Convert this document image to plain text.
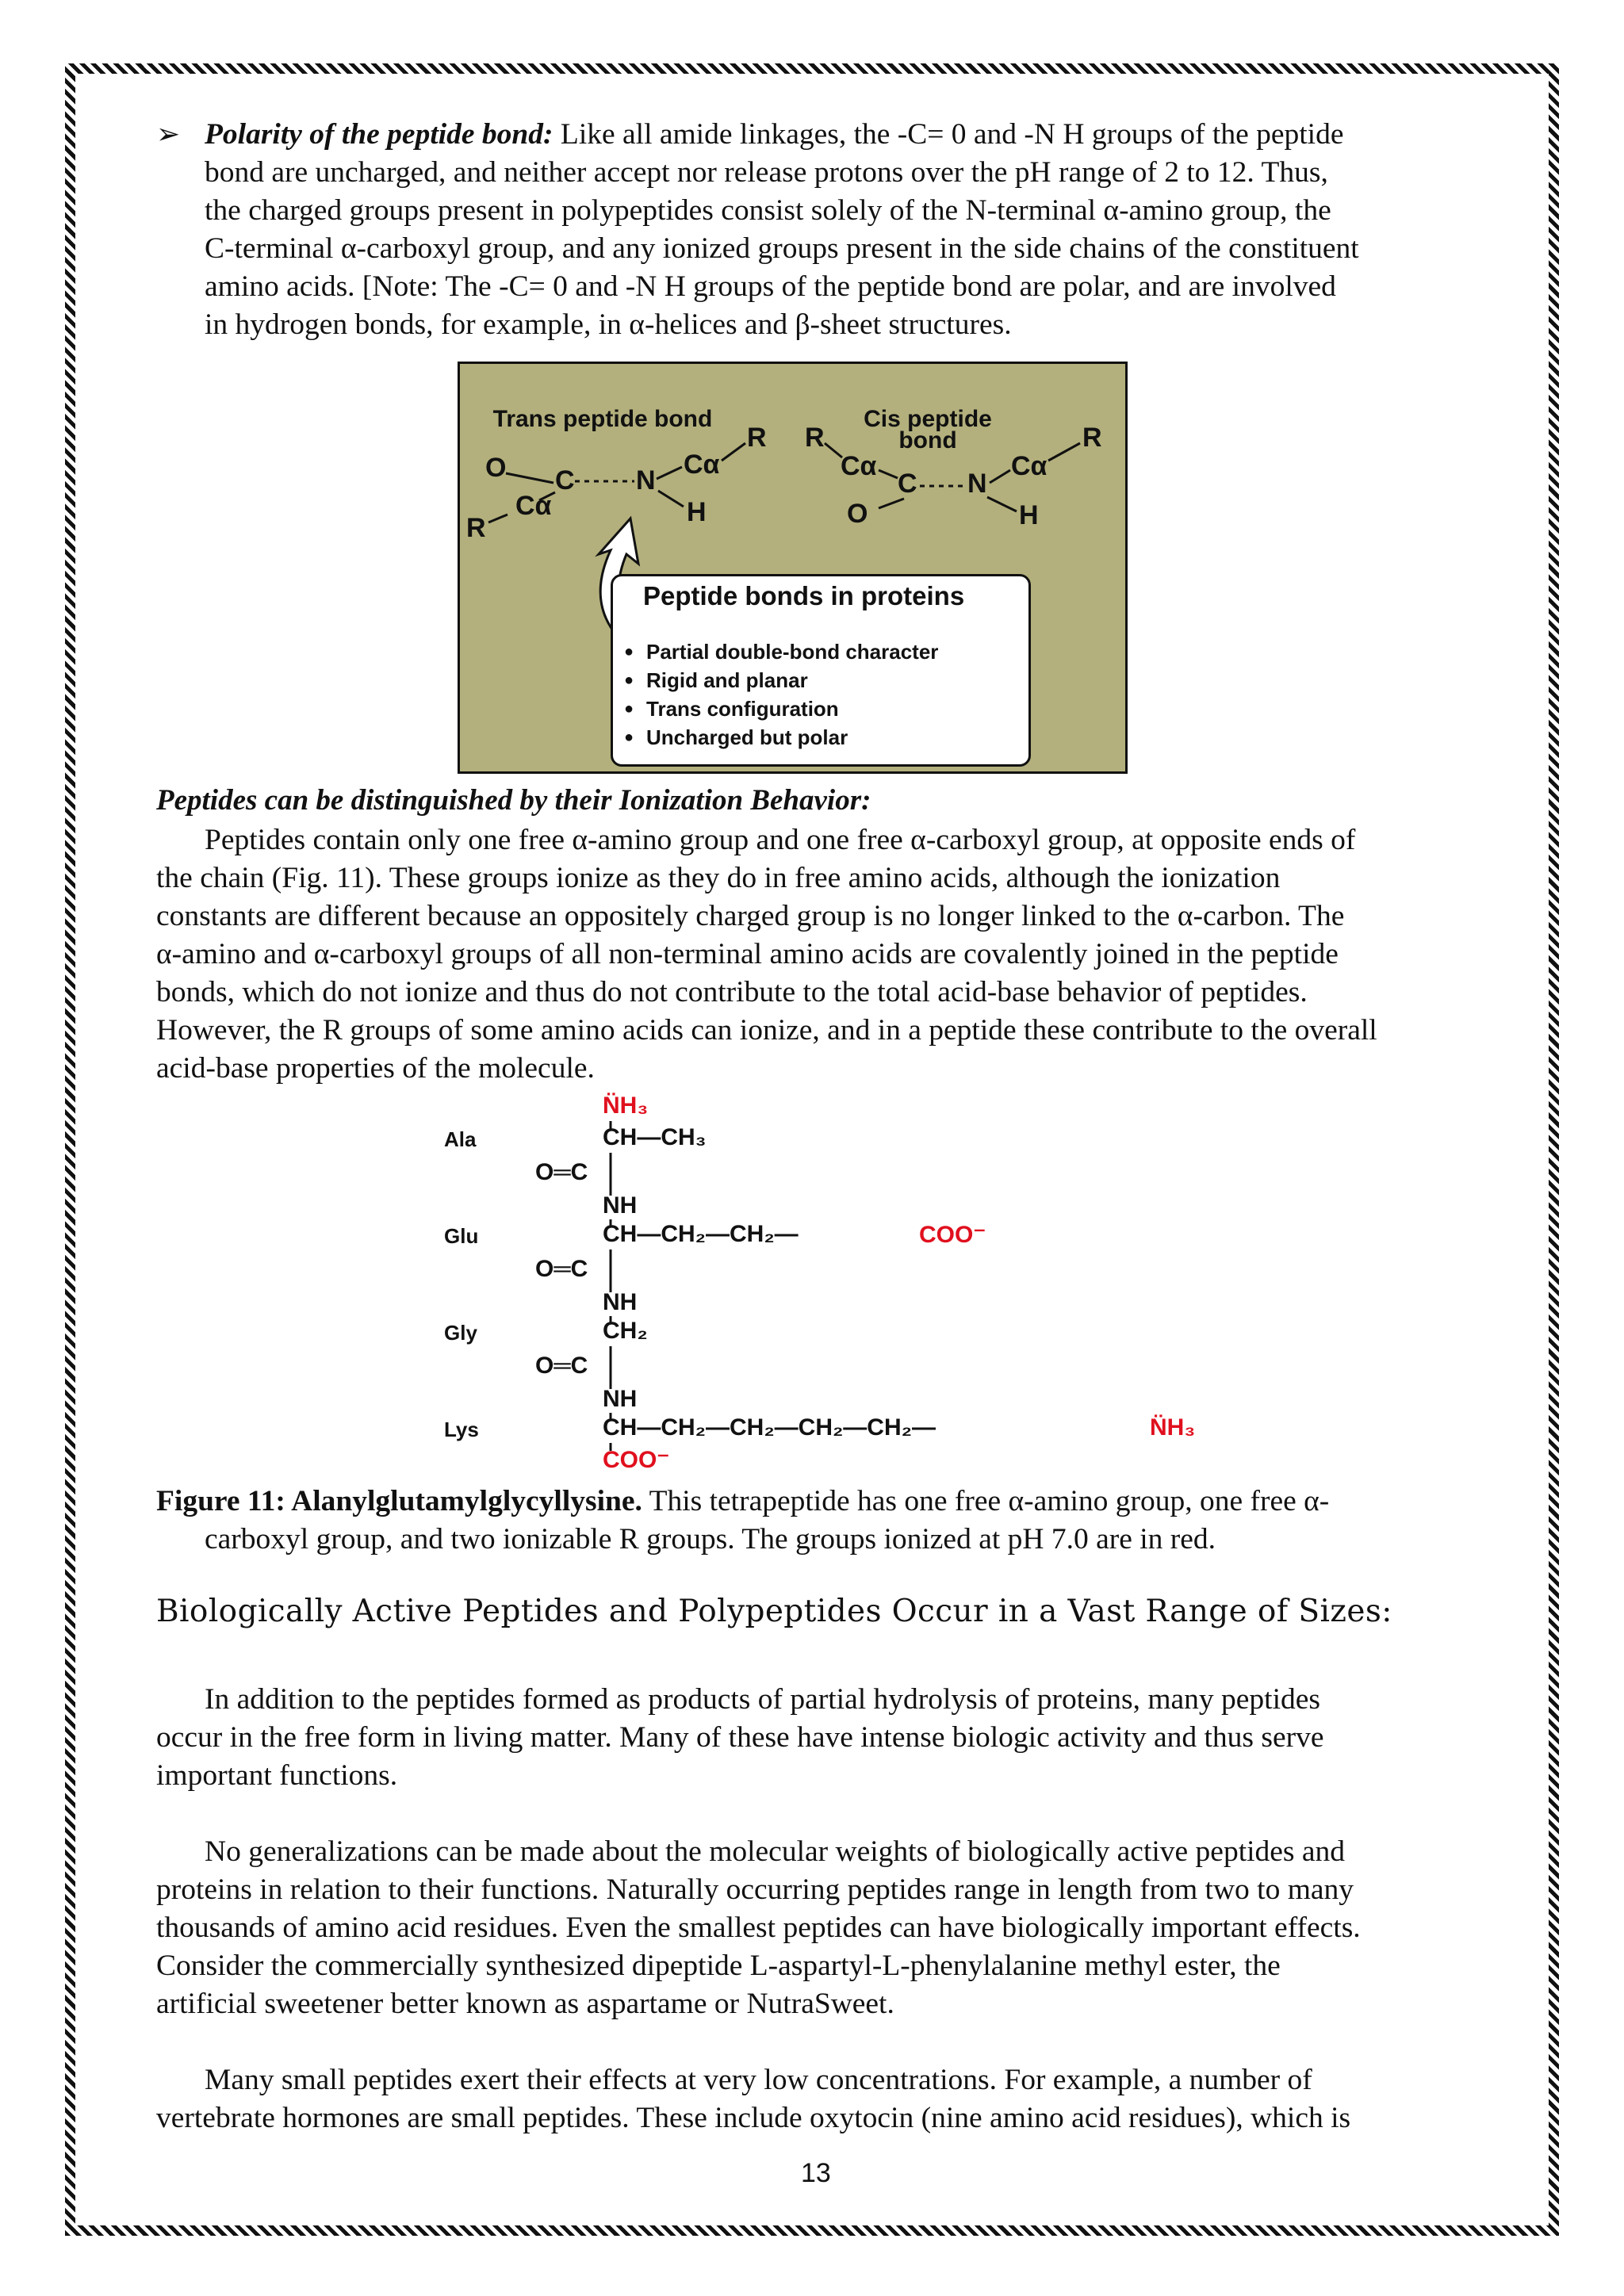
➢ Polarity of the peptide bond: Like all amide linkages, the -C= 0 and -N H groups of the peptide
bond are uncharged, and neither accept nor release protons over the pH range of 2 to 12. Thus,
the charged groups present in polypeptides consist solely of the N-terminal α-amino group, the
C-terminal α-carboxyl group, and any ionized groups present in the side chains of the constituent
amino acids. [Note: The -C= 0 and -N H groups of the peptide bond are polar, and are involved
in hydrogen bonds, for example, in α-helices and β-sheet structures.
Trans peptide bond	Cis peptide bond
O C N
Cα
R
Cα
R
H
R
Cα
C N
Cα
R
O	H
Peptide bonds in proteins
● Partial double-bond character
● Rigid and planar
● Trans configuration
● Uncharged but polar
Peptides can be distinguished by their Ionization Behavior:
Peptides contain only one free α-amino group and one free α-carboxyl group, at opposite ends of
the chain (Fig. 11). These groups ionize as they do in free amino acids, although the ionization
constants are different because an oppositely charged group is no longer linked to the α-carbon. The
α-amino and α-carboxyl groups of all non-terminal amino acids are covalently joined in the peptide
bonds, which do not ionize and thus do not contribute to the total acid-base behavior of peptides.
However, the R groups of some amino acids can ionize, and in a peptide these contribute to the overall
acid-base properties of the molecule.
N̈H₃
Ala	CH—CH₃
O═C
NH
Glu	CH—CH₂—CH₂—	COO⁻
O═C
NH
Gly	CH₂
O═C
NH
Lys	CH—CH₂—CH₂—CH₂—CH₂—	N̈H₃
COO⁻
Figure 11: Alanylglutamylglycyllysine. This tetrapeptide has one free α-amino group, one free α-
carboxyl group, and two ionizable R groups. The groups ionized at pH 7.0 are in red.
Biologically Active Peptides and Polypeptides Occur in a Vast Range of Sizes:
In addition to the peptides formed as products of partial hydrolysis of proteins, many peptides
occur in the free form in living matter. Many of these have intense biologic activity and thus serve
important functions.
No generalizations can be made about the molecular weights of biologically active peptides and
proteins in relation to their functions. Naturally occurring peptides range in length from two to many
thousands of amino acid residues. Even the smallest peptides can have biologically important effects.
Consider the commercially synthesized dipeptide L-aspartyl-L-phenylalanine methyl ester, the
artificial sweetener better known as aspartame or NutraSweet.
Many small peptides exert their effects at very low concentrations. For example, a number of
vertebrate hormones are small peptides. These include oxytocin (nine amino acid residues), which is
13
